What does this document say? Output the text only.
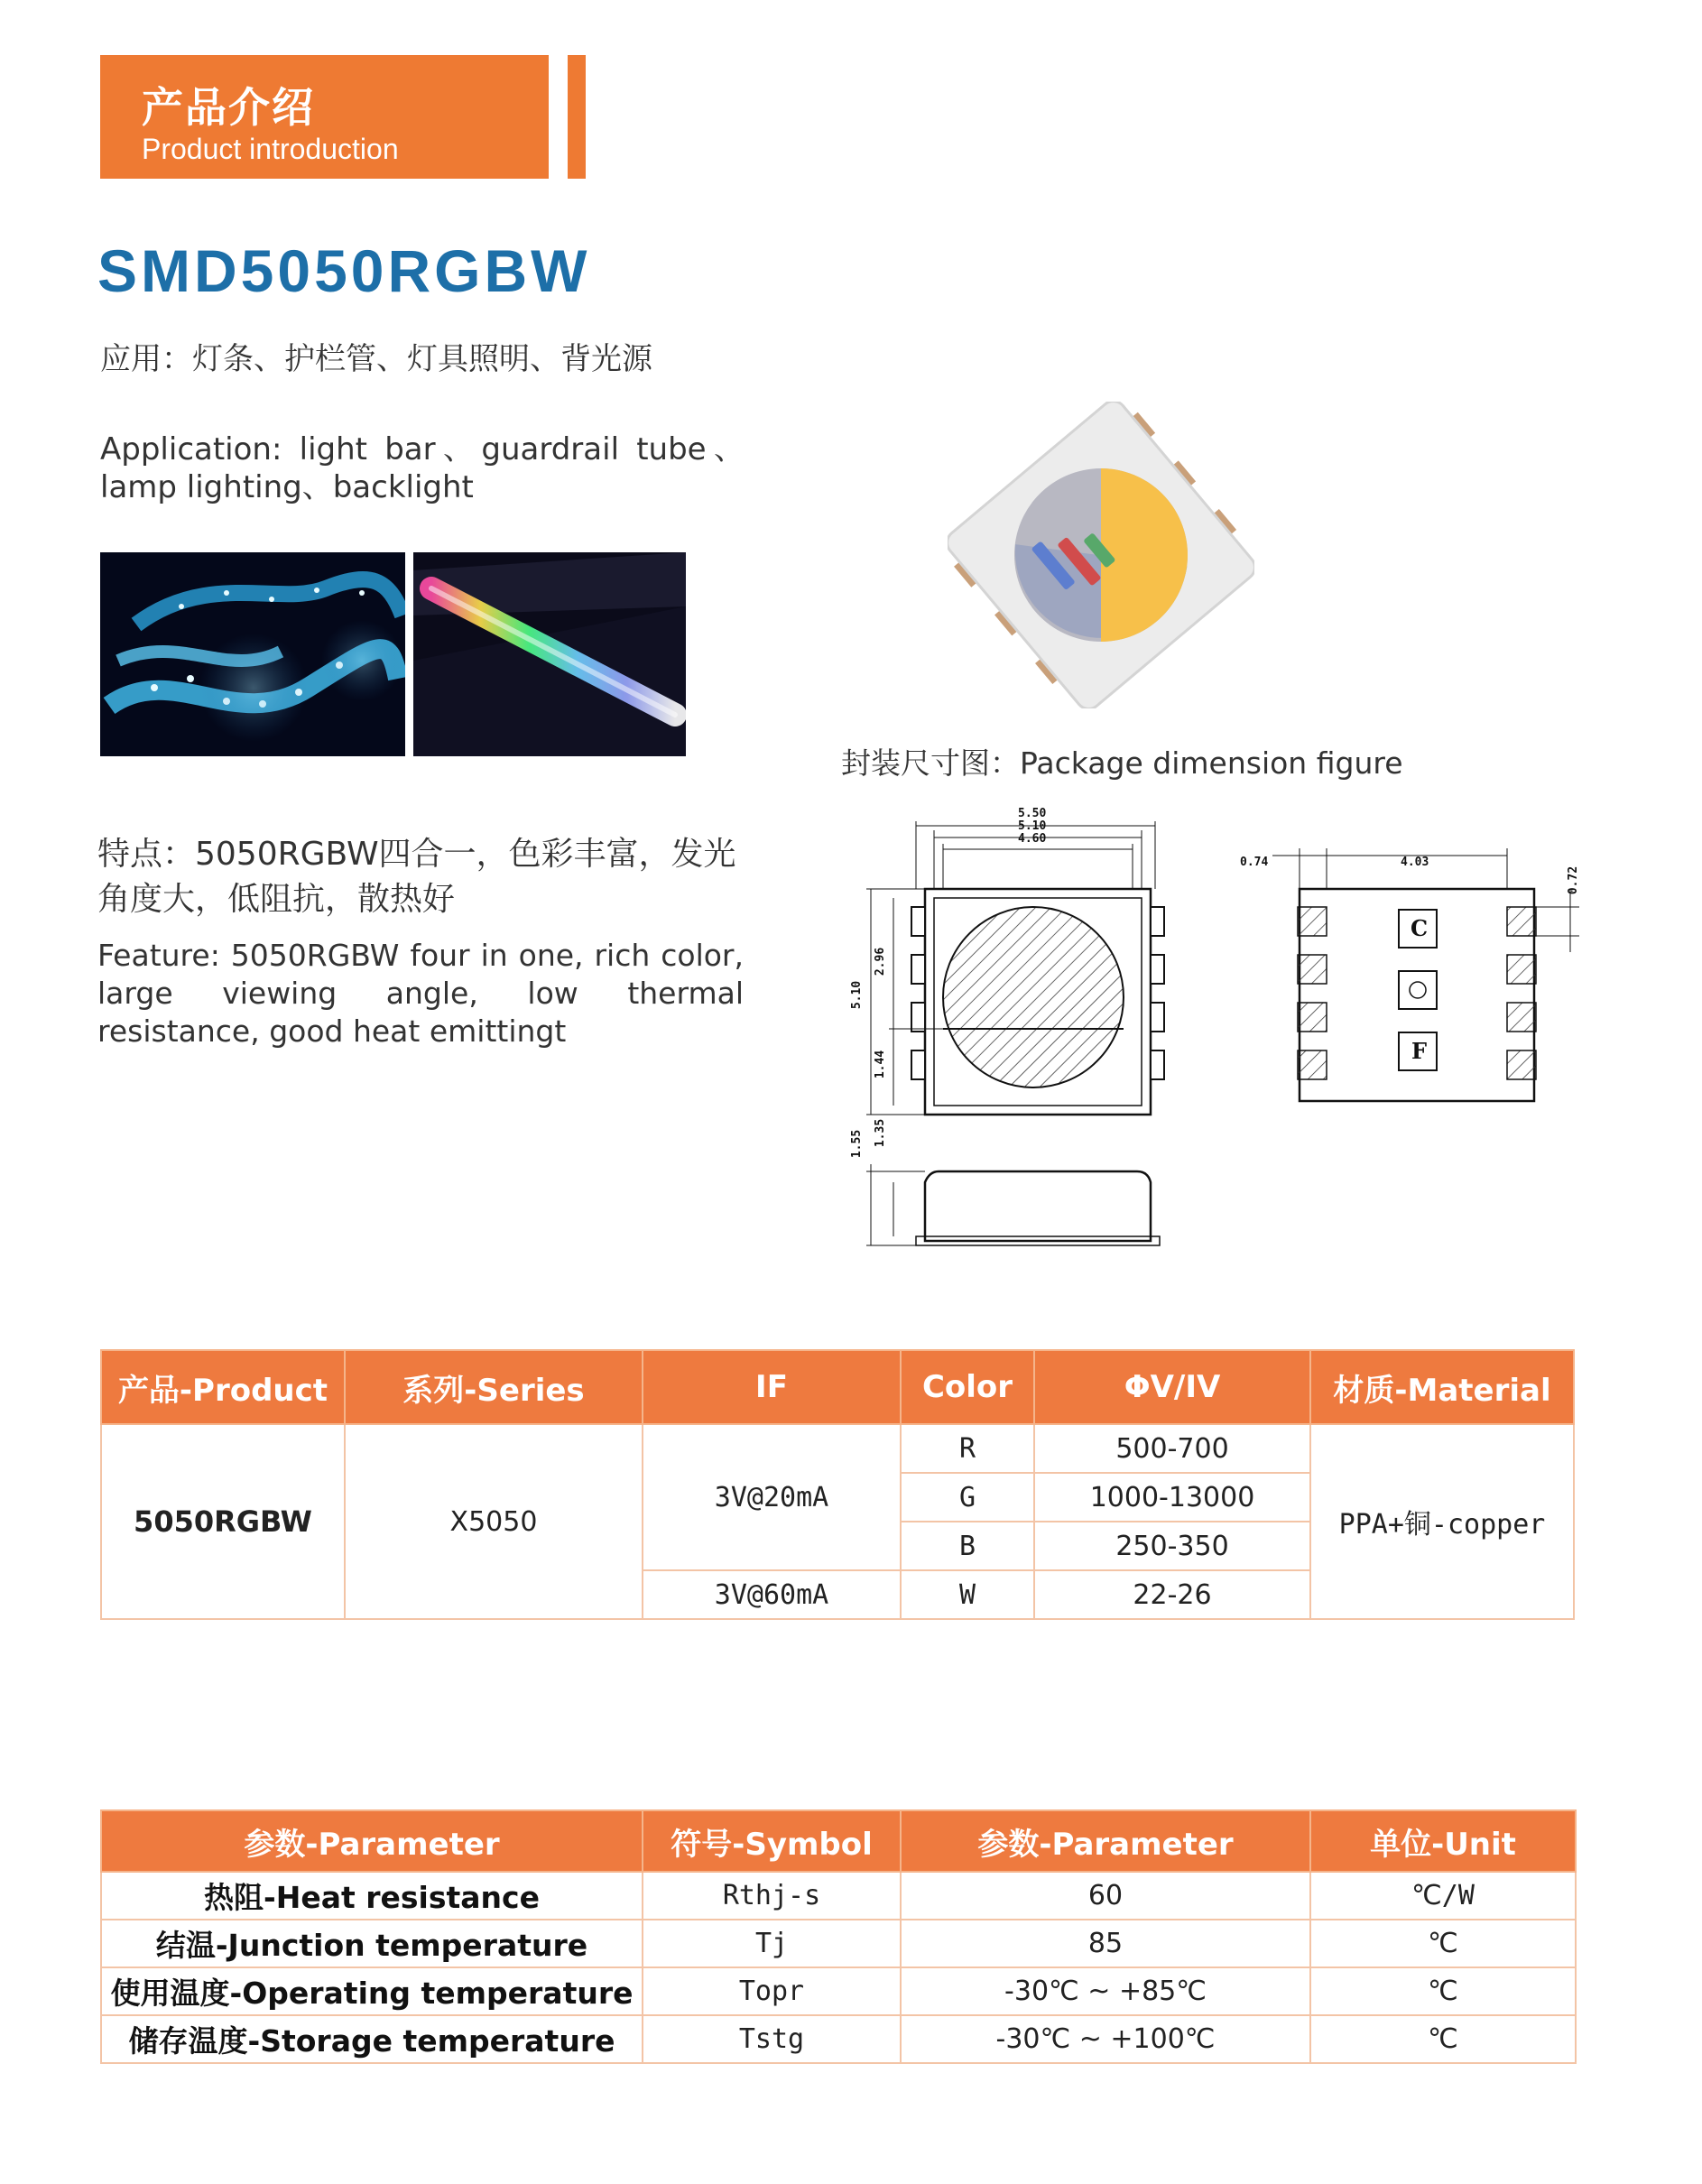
产品介绍
Product introduction
SMD5050RGBW
应用：灯条、护栏管、灯具照明、背光源
Application: light bar、guardrail tube、lamp lighting、backlight
特点：5050RGBW四合一，色彩丰富，发光角度大，低阻抗，散热好
Feature: 5050RGBW four in one, rich color, large viewing angle, low thermal resistance, good heat emittingt
封装尺寸图：Package dimension figure
5.50
5.10
4.60
5.10
2.96
1.44
1.55 1.35
0.74	4.03
0.72
C
F
产品-Product	系列-Series	IF	Color	ΦV/IV	材质-Material
5050RGBW	X5050	3V@20mA	R	500-700	PPA+铜-copper
			G	1000-13000	
			B	250-350	
		3V@60mA	W	22-26	
参数-Parameter	符号-Symbol	参数-Parameter	单位-Unit
热阻-Heat resistance	Rthj-s	60	℃/W
结温-Junction temperature	Tj	85	℃
使用温度-Operating temperature	Topr	-30℃ ~ +85℃	℃
储存温度-Storage temperature	Tstg	-30℃ ~ +100℃	℃
